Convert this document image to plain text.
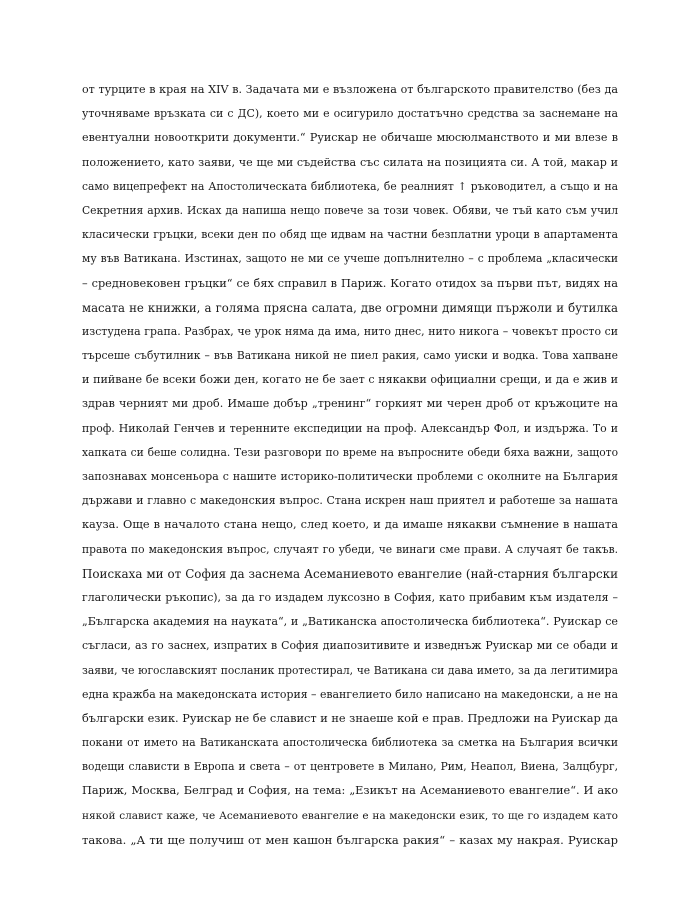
от турците в края на XIV в. Задачата ми е възложена от българското правителство (без да
уточняваме връзката си с ДС), което ми е осигурило достатъчно средства за заснемане на
евентуални новооткрити документи.“ Руискар не обичаше мюсюлманството и ми влезе в
положението, като заяви, че ще ми съдейства със силата на позицията си. А той, макар и
само вицепрефект на Апостолическата библиотека, бе реалният ↑ ръководител, а също и на
Секретния архив. Исках да напиша нещо повече за този човек. Обяви, че тъй като съм учил
класически гръцки, всеки ден по обяд ще идвам на частни безплатни уроци в апартамента
му във Ватикана. Изстинах, защото не ми се учеше допълнително – с проблема „класически
– средновековен гръцки“ се бях справил в Париж. Когато отидох за първи път, видях на
масата не книжки, а голяма прясна салата, две огромни димящи пържоли и бутилка
изстудена грапа. Разбрах, че урок няма да има, нито днес, нито никога – човекът просто си
търсеше събутилник – във Ватикана никой не пиел ракия, само уиски и водка. Това хапване
и пийване бе всеки божи ден, когато не бе зает с някакви официални срещи, и да е жив и
здрав черният ми дроб. Имаше добър „тренинг“ горкият ми черен дроб от кръжоците на
проф. Николай Генчев и теренните експедиции на проф. Александър Фол, и издържа. То и
хапката си беше солидна. Тези разговори по време на въпросните обеди бяха важни, защото
запознавах монсеньора с нашите историко-политически проблеми с околните на България
държави и главно с македонския въпрос. Стана искрен наш приятел и работеше за нашата
кауза. Още в началото стана нещо, след което, и да имаше някакви съмнение в нашата
правота по македонския въпрос, случаят го убеди, че винаги сме прави. А случаят бе такъв.
Поискаха ми от София да заснема Асеманиевото евангелие (най-старния български
глаголически ръкопис), за да го издадем луксозно в София, като прибавим към издателя –
„Българска академия на науката“, и „Ватиканска апостолическа библиотека“. Руискар се
съгласи, аз го заснех, изпратих в София диапозитивите и изведнъж Руискар ми се обади и
заяви, че югославският посланик протестирал, че Ватикана си дава името, за да легитимира
една кражба на македонската история – евангелието било написано на македонски, а не на
български език. Руискар не бе славист и не знаеше кой е прав. Предложи на Руискар да
покани от името на Ватиканската апостолическа библиотека за сметка на България всички
водещи слависти в Европа и света – от центровете в Милано, Рим, Неапол, Виена, Залцбург,
Париж, Москва, Белград и София, на тема: „Езикът на Асеманиевото евангелие“. И ако
някой славист каже, че Асеманиевото евангелие е на македонски език, то ще го издадем като
такова. „А ти ще получиш от мен кашон българска ракия“ – казах му накрая. Руискар
